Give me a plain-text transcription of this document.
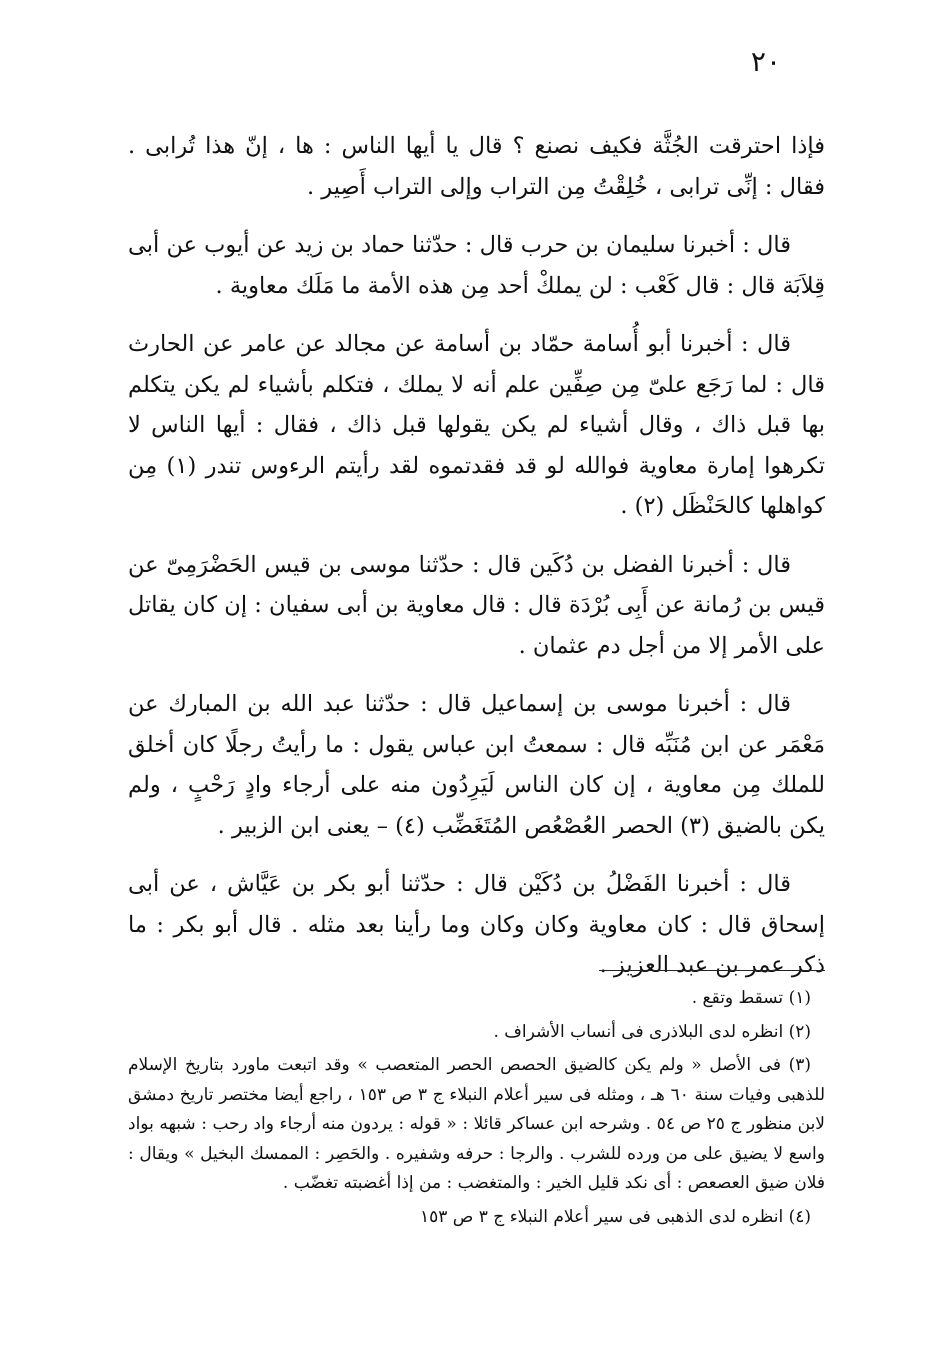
٢٠

فإذا احترقت الجُثَّة فكيف نصنع ؟ قال يا أيها الناس : ها ، إنّ هذا تُرابى . فقال : إنِّى ترابى ، خُلِقْتُ مِن التراب وإلى التراب أَصِير .

قال : أخبرنا سليمان بن حرب قال : حدّثنا حماد بن زيد عن أيوب عن أبى قِلاَبَة قال : قال كَعْب : لن يملكْ أحد مِن هذه الأمة ما مَلَك معاوية .

قال : أخبرنا أبو أُسامة حمّاد بن أسامة عن مجالد عن عامر عن الحارث قال : لما رَجَع علىّ مِن صِفِّين علم أنه لا يملك ، فتكلم بأشياء لم يكن يتكلم بها قبل ذاك ، وقال أشياء لم يكن يقولها قبل ذاك ، فقال : أيها الناس لا تكرهوا إمارة معاوية فوالله لو قد فقدتموه لقد رأيتم الرءوس تندر (١) مِن كواهلها كالحَنْظَل (٢) .

قال : أخبرنا الفضل بن دُكَين قال : حدّثنا موسى بن قيس الحَضْرَمِىّ عن قيس بن رُمانة عن أَبِى بُرْدَة قال : قال معاوية بن أبى سفيان : إن كان يقاتل على الأمر إلا من أجل دم عثمان .

قال : أخبرنا موسى بن إسماعيل قال : حدّثنا عبد الله بن المبارك عن مَعْمَر عن ابن مُنَبِّه قال : سمعتُ ابن عباس يقول : ما رأيتُ رجلًا كان أخلق للملك مِن معاوية ، إن كان الناس لَيَرِدُون منه على أرجاء وادٍ رَحْبٍ ، ولم يكن بالضيق (٣) الحصر العُصْعُص المُتَغَضِّب (٤) – يعنى ابن الزبير .

قال : أخبرنا الفَضْلُ بن دُكَيْن قال : حدّثنا أبو بكر بن عَيَّاش ، عن أبى إسحاق قال : كان معاوية وكان وكان وما رأينا بعد مثله . قال أبو بكر : ما ذكر عمر بن عبد العزيز .

(١) تسقط وتقع .

(٢) انظره لدى البلاذرى فى أنساب الأشراف .

(٣) فى الأصل « ولم يكن كالضيق الحصص الحصر المتعصب » وقد اتبعت ماورد بتاريخ الإسلام للذهبى وفيات سنة ٦٠ هـ ، ومثله فى سير أعلام النبلاء ج ٣ ص ١٥٣ ، راجع أيضا مختصر تاريخ دمشق لابن منظور ج ٢٥ ص ٥٤ . وشرحه ابن عساكر قائلا : « قوله : يردون منه أرجاء واد رحب : شبهه بواد واسع لا يضيق على من ورده للشرب . والرجا : حرفه وشفيره . والحَصِر : الممسك البخيل » ويقال : فلان ضيق العصعص : أى نكد قليل الخير : والمتغضب : من إذا أغضبته تغضّب .

(٤) انظره لدى الذهبى فى سير أعلام النبلاء ج ٣ ص ١٥٣
